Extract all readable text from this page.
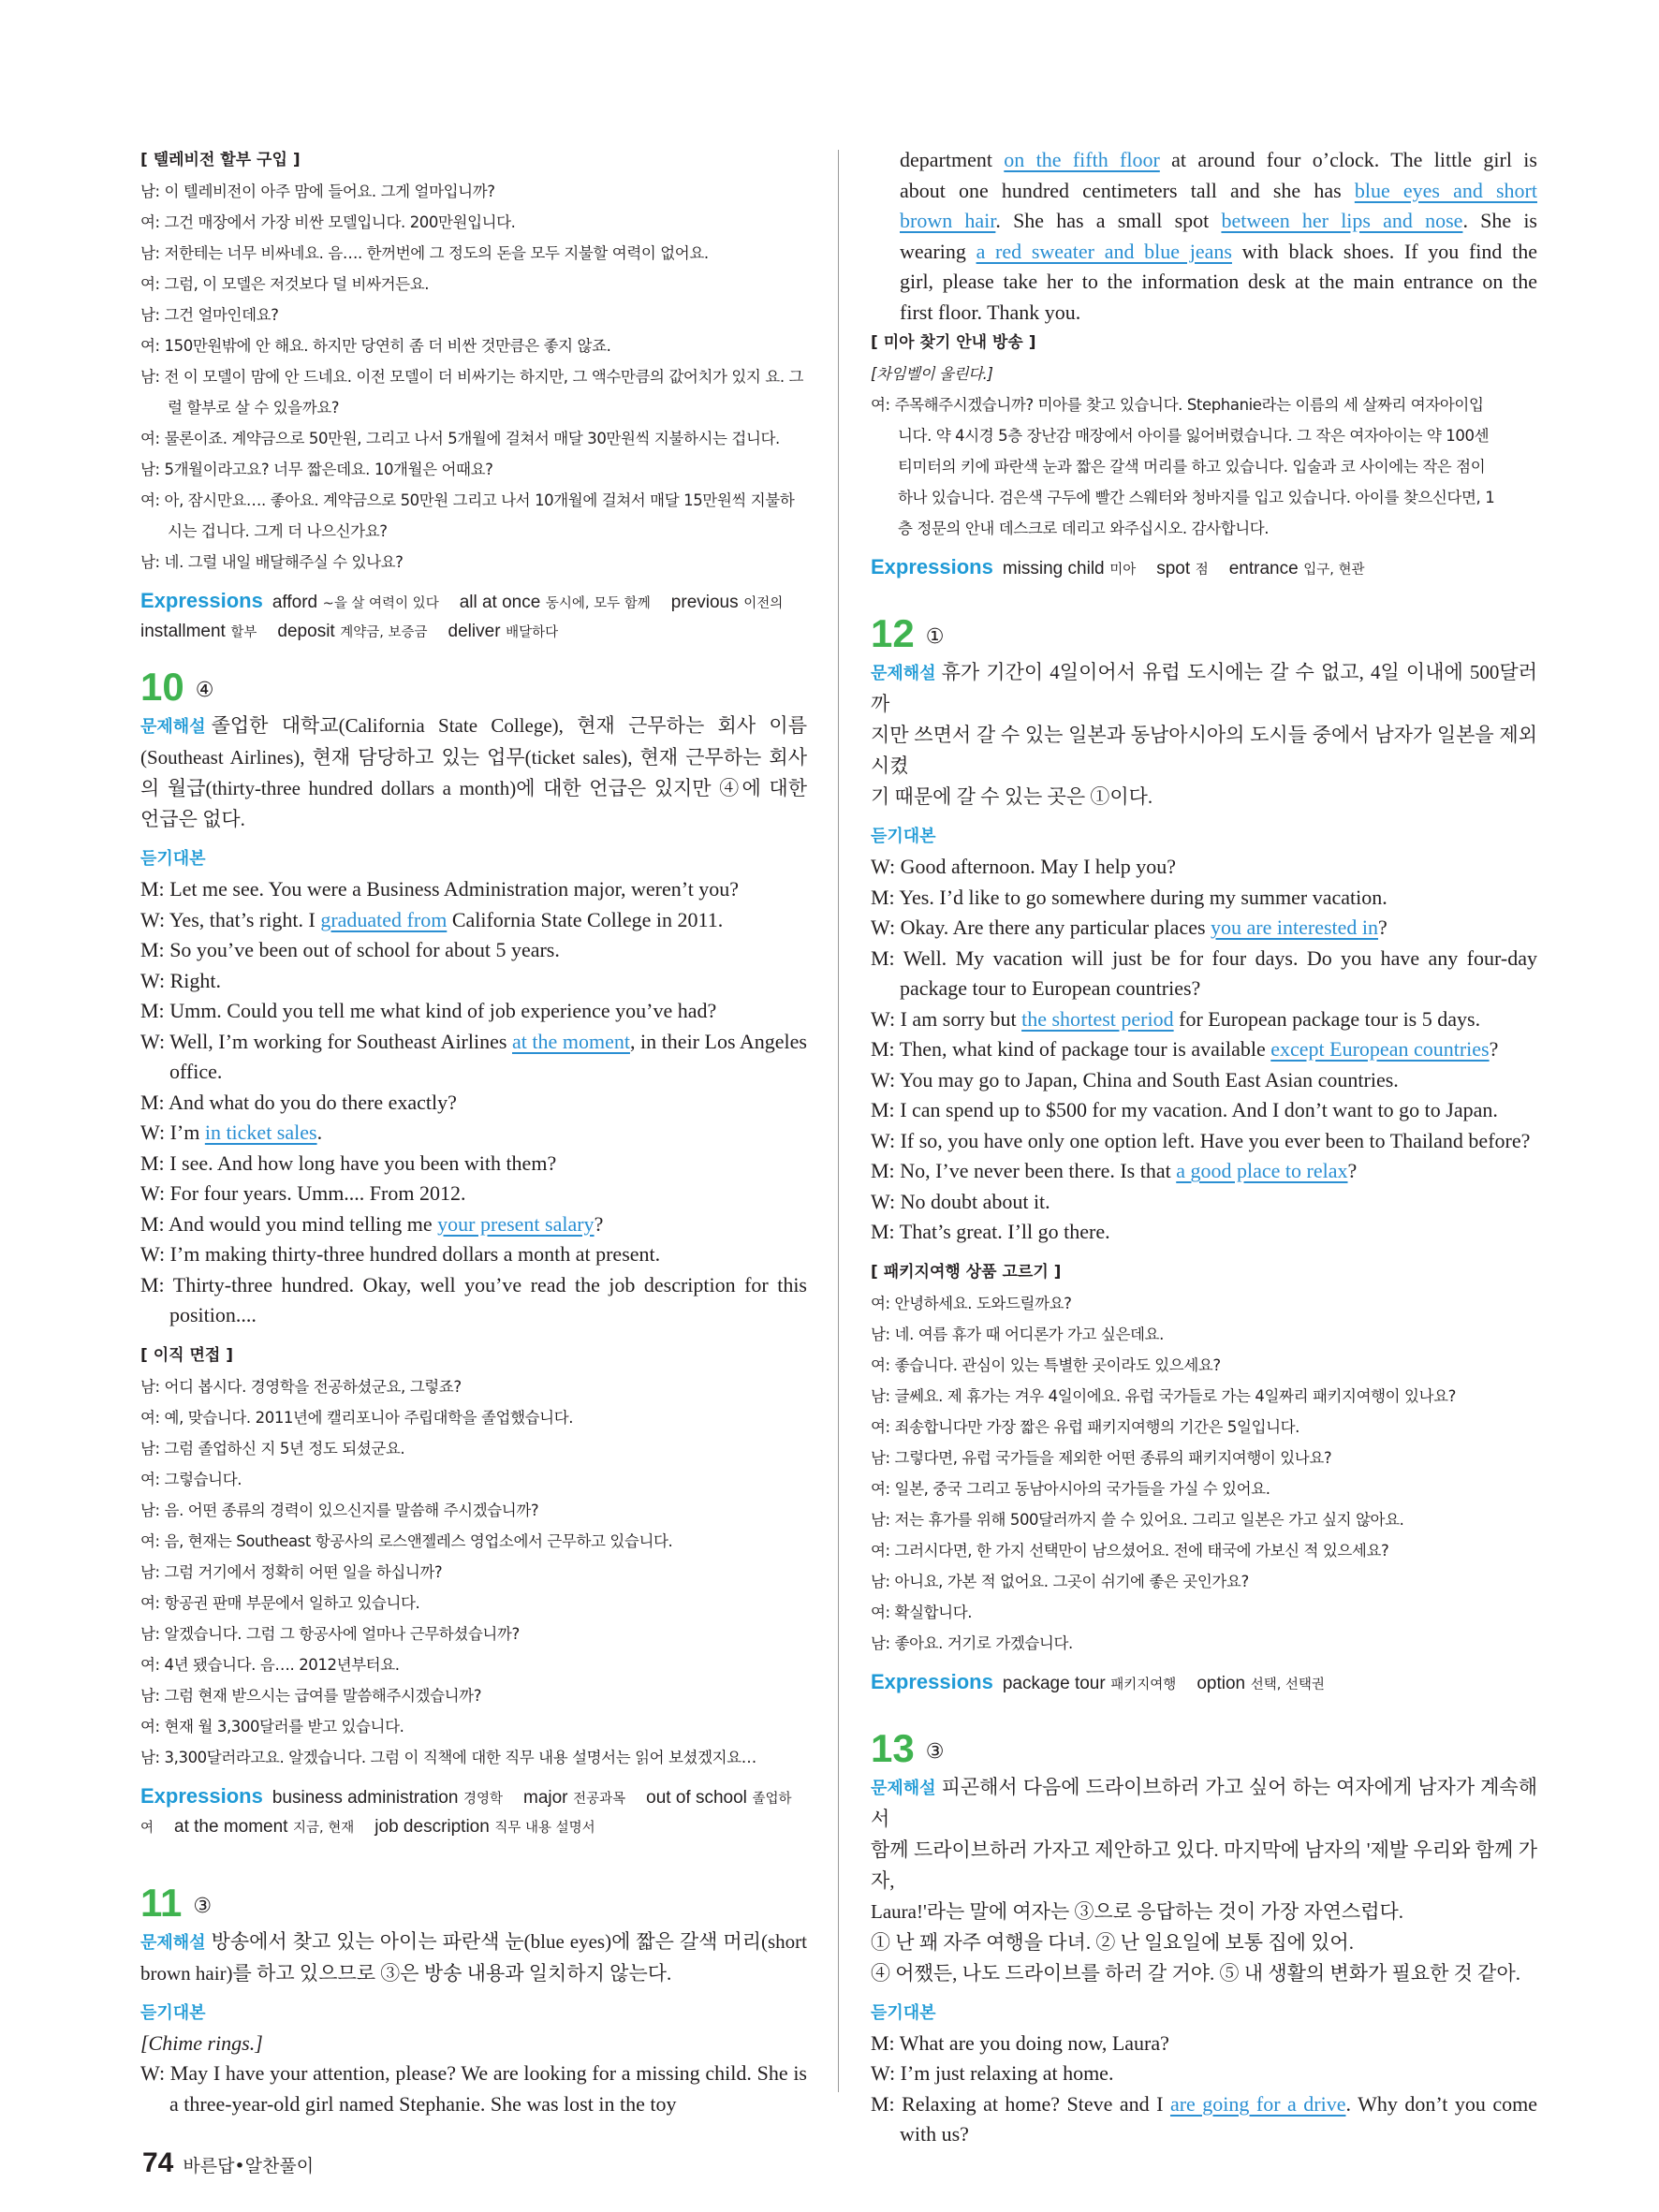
[ 텔레비전 할부 구입 ]
남: 이 텔레비전이 아주 맘에 들어요. 그게 얼마입니까?
여: 그건 매장에서 가장 비싼 모델입니다. 200만원입니다.
남: 저한테는 너무 비싸네요. 음…. 한꺼번에 그 정도의 돈을 모두 지불할 여력이 없어요.
여: 그럼, 이 모델은 저것보다 덜 비싸거든요.
남: 그건 얼마인데요?
여: 150만원밖에 안 해요. 하지만 당연히 좀 더 비싼 것만큼은 좋지 않죠.
남: 전 이 모델이 맘에 안 드네요. 이전 모델이 더 비싸기는 하지만, 그 액수만큼의 값어치가 있지 요. 그럴 할부로 살 수 있을까요?
여: 물론이죠. 계약금으로 50만원, 그리고 나서 5개월에 걸쳐서 매달 30만원씩 지불하시는 겁니다.
남: 5개월이라고요? 너무 짧은데요. 10개월은 어때요?
여: 아, 잠시만요…. 좋아요. 계약금으로 50만원 그리고 나서 10개월에 걸쳐서 매달 15만원씩 지불하시는 겁니다. 그게 더 나으신가요?
남: 네. 그럴 내일 배달해주실 수 있나요?
Expressions afford ~을 살 여력이 있다 all at once 동시에, 모두 함께 previous 이전의installment 할부 deposit 계약금, 보증금 deliver 배달하다
10 ④
문제해설 졸업한 대학교(California State College), 현재 근무하는 회사 이름
(Southeast Airlines), 현재 담당하고 있는 업무(ticket sales), 현재 근무하는 회사
의 월급(thirty-three hundred dollars a month)에 대한 언급은 있지만 ④에 대한
언급은 없다.
듣기대본
M: Let me see. You were a Business Administration major, weren’t you?
W: Yes, that’s right. I graduated from California State College in 2011.
M: So you’ve been out of school for about 5 years.
W: Right.
M: Umm. Could you tell me what kind of job experience you’ve had?
W: Well, I’m working for Southeast Airlines at the moment, in their Los Angeles office.
M: And what do you do there exactly?
W: I’m in ticket sales.
M: I see. And how long have you been with them?
W: For four years. Umm.... From 2012.
M: And would you mind telling me your present salary?
W: I’m making thirty-three hundred dollars a month at present.
M: Thirty-three hundred. Okay, well you’ve read the job description for this position....
[ 이직 면접 ]
남: 어디 봅시다. 경영학을 전공하셨군요, 그렇죠?
여: 예, 맞습니다. 2011년에 캘리포니아 주립대학을 졸업했습니다.
남: 그럼 졸업하신 지 5년 정도 되셨군요.
여: 그렇습니다.
남: 음. 어떤 종류의 경력이 있으신지를 말씀해 주시겠습니까?
여: 음, 현재는 Southeast 항공사의 로스앤젤레스 영업소에서 근무하고 있습니다.
남: 그럼 거기에서 정확히 어떤 일을 하십니까?
여: 항공권 판매 부문에서 일하고 있습니다.
남: 알겠습니다. 그럼 그 항공사에 얼마나 근무하셨습니까?
여: 4년 됐습니다. 음…. 2012년부터요.
남: 그럼 현재 받으시는 급여를 말씀해주시겠습니까?
여: 현재 월 3,300달러를 받고 있습니다.
남: 3,300달러라고요. 알겠습니다. 그럼 이 직책에 대한 직무 내용 설명서는 읽어 보셨겠지요…
Expressions business administration 경영학 major 전공과목 out of school 졸업하여 at the moment 지금, 현재 job description 직무 내용 설명서
11 ③
문제해설 방송에서 찾고 있는 아이는 파란색 눈(blue eyes)에 짧은 갈색 머리(short
brown hair)를 하고 있으므로 ③은 방송 내용과 일치하지 않는다.
듣기대본
[Chime rings.]
W: May I have your attention, please? We are looking for a missing child. She is a three-year-old girl named Stephanie. She was lost in the toy
department on the fifth floor at around four o’clock. The little girl is
about one hundred centimeters tall and she has blue eyes and short
brown hair. She has a small spot between her lips and nose. She is
wearing a red sweater and blue jeans with black shoes. If you find the
girl, please take her to the information desk at the main entrance on the
first floor. Thank you.
[ 미아 찾기 안내 방송 ]
[차임벨이 울린다.]
여: 주목해주시겠습니까? 미아를 찾고 있습니다. Stephanie라는 이름의 세 살짜리 여자아이입
니다. 약 4시경 5층 장난감 매장에서 아이를 잃어버렸습니다. 그 작은 여자아이는 약 100센
티미터의 키에 파란색 눈과 짧은 갈색 머리를 하고 있습니다. 입술과 코 사이에는 작은 점이
하나 있습니다. 검은색 구두에 빨간 스웨터와 청바지를 입고 있습니다. 아이를 찾으신다면, 1
층 정문의 안내 데스크로 데리고 와주십시오. 감사합니다.
Expressions missing child 미아 spot 점 entrance 입구, 현관
12 ①
문제해설 휴가 기간이 4일이어서 유럽 도시에는 갈 수 없고, 4일 이내에 500달러까
지만 쓰면서 갈 수 있는 일본과 동남아시아의 도시들 중에서 남자가 일본을 제외시켰
기 때문에 갈 수 있는 곳은 ①이다.
듣기대본
W: Good afternoon. May I help you?
M: Yes. I’d like to go somewhere during my summer vacation.
W: Okay. Are there any particular places you are interested in?
M: Well. My vacation will just be for four days. Do you have any four-day package tour to European countries?
W: I am sorry but the shortest period for European package tour is 5 days.
M: Then, what kind of package tour is available except European countries?
W: You may go to Japan, China and South East Asian countries.
M: I can spend up to $500 for my vacation. And I don’t want to go to Japan.
W: If so, you have only one option left. Have you ever been to Thailand before?
M: No, I’ve never been there. Is that a good place to relax?
W: No doubt about it.
M: That’s great. I’ll go there.
[ 패키지여행 상품 고르기 ]
여: 안녕하세요. 도와드릴까요?
남: 네. 여름 휴가 때 어디론가 가고 싶은데요.
여: 좋습니다. 관심이 있는 특별한 곳이라도 있으세요?
남: 글쎄요. 제 휴가는 겨우 4일이에요. 유럽 국가들로 가는 4일짜리 패키지여행이 있나요?
여: 죄송합니다만 가장 짧은 유럽 패키지여행의 기간은 5일입니다.
남: 그렇다면, 유럽 국가들을 제외한 어떤 종류의 패키지여행이 있나요?
여: 일본, 중국 그리고 동남아시아의 국가들을 가실 수 있어요.
남: 저는 휴가를 위해 500달러까지 쓸 수 있어요. 그리고 일본은 가고 싶지 않아요.
여: 그러시다면, 한 가지 선택만이 남으셨어요. 전에 태국에 가보신 적 있으세요?
남: 아니요, 가본 적 없어요. 그곳이 쉬기에 좋은 곳인가요?
여: 확실합니다.
남: 좋아요. 거기로 가겠습니다.
Expressions package tour 패키지여행 option 선택, 선택권
13 ③
문제해설 피곤해서 다음에 드라이브하러 가고 싶어 하는 여자에게 남자가 계속해서
함께 드라이브하러 가자고 제안하고 있다. 마지막에 남자의 '제발 우리와 함께 가자,
Laura!'라는 말에 여자는 ③으로 응답하는 것이 가장 자연스럽다.
① 난 꽤 자주 여행을 다녀. ② 난 일요일에 보통 집에 있어.
④ 어쨌든, 나도 드라이브를 하러 갈 거야. ⑤ 내 생활의 변화가 필요한 것 같아.
듣기대본
M: What are you doing now, Laura?
W: I’m just relaxing at home.
M: Relaxing at home? Steve and I are going for a drive. Why don’t you come with us?
74 바른답•알찬풀이
